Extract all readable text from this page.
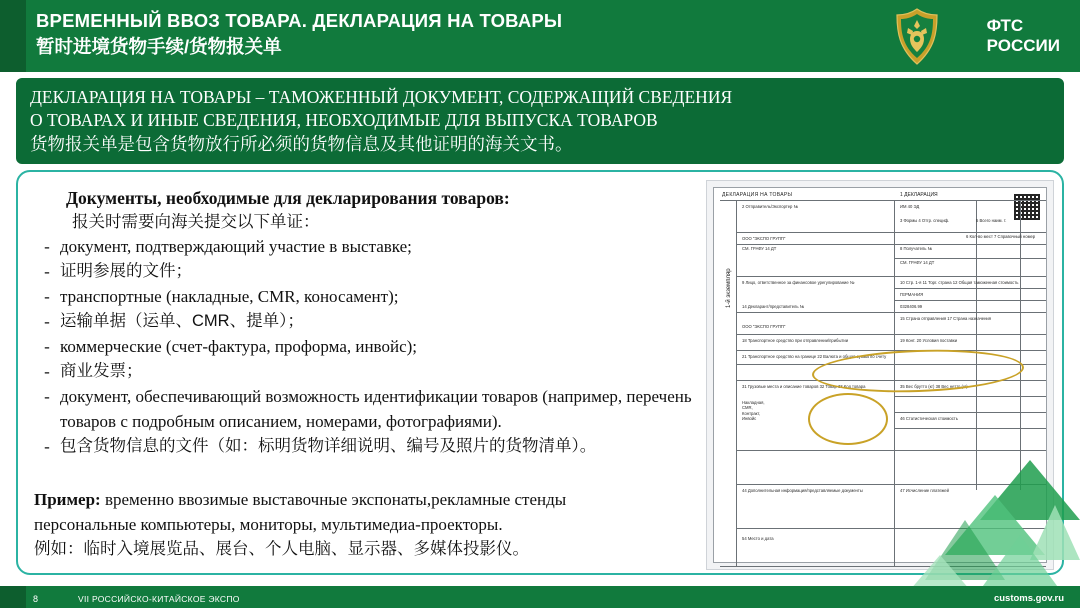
ВРЕМЕННЫЙ ВВОЗ ТОВАРА. ДЕКЛАРАЦИЯ НА ТОВАРЫ
暂时进境货物手续/货物报关单
ФТС
РОССИИ
ДЕКЛАРАЦИЯ НА ТОВАРЫ – ТАМОЖЕННЫЙ ДОКУМЕНТ, СОДЕРЖАЩИЙ СВЕДЕНИЯ
О ТОВАРАХ И ИНЫЕ СВЕДЕНИЯ, НЕОБХОДИМЫЕ ДЛЯ ВЫПУСКА ТОВАРОВ
货物报关单是包含货物放行所必须的货物信息及其他证明的海关文书。
Документы, необходимые для декларирования товаров:
报关时需要向海关提交以下单证：
- документ, подтверждающий участие в выставке;
- 证明参展的文件；
- транспортные (накладные, CMR, коносамент);
- 运输单据（运单、CMR、提单）；
- коммерческие (счет-фактура, проформа, инвойс);
- 商业发票；
- документ, обеспечивающий возможность идентификации товаров (например, перечень товаров с подробным описанием, номерами, фотографиями).
- 包含货物信息的文件（如：标明货物详细说明、编号及照片的货物清单）。
Пример: временно ввозимые выставочные экспонаты,рекламные стенды
персональные компьютеры, мониторы, мультимедиа-проекторы.
例如：临时入境展览品、展台、个人电脑、显示器、多媒体投影仪。
ДЕКЛАРАЦИЯ НА ТОВАРЫ	1 ДЕКЛАРАЦИЯ
1-й экземпляр
2 Отправитель/Экспортер №	ИМ 40 ЭД
3 Формы 4 Отгр. специф.	5 Всего наим. т.
6 Кол-во мест 7 Справочный номер
ООО "ЭКСПО ГРУПП"
СМ. ГРАФУ 14 ДТ	8 Получатель №
СМ. ГРАФУ 14 ДТ
9 Лицо, ответственное за финансовое урегулирование №	10 Стр. 1-я 11 Торг. страна 12 Общая таможенная стоимость
ГЕРМАНИЯ
0328406.99
14 Декларант/представитель №
15 Страна отправления 17 Страна назначения
ООО "ЭКСПО ГРУПП"
18 Транспортное средство при отправлении/прибытии	19 Конт. 20 Условия поставки
21 Транспортное средство на границе 22 Валюта и общая сумма по счету
31 Грузовые места и описание товаров 32 Товар 33 Код товара
Накладная,
CMR,
Контракт,
Инвойс
35 Вес брутто (кг) 38 Вес нетто (кг)
46 Статистическая стоимость
44 Дополнительная информация/представляемые документы	47 Исчисление платежей
54 Место и дата
8	VII РОССИЙСКО-КИТАЙСКОЕ ЭКСПО	customs.gov.ru
